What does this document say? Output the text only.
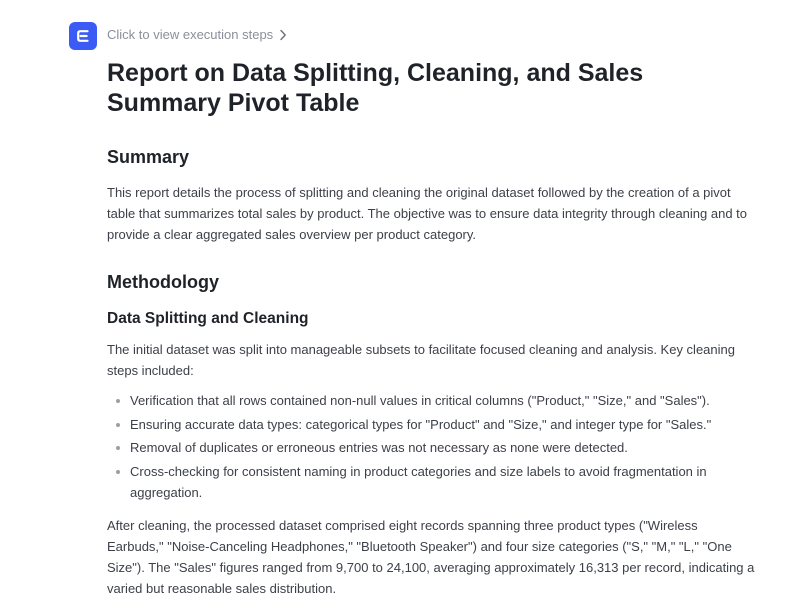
Click to view execution steps
Report on Data Splitting, Cleaning, and Sales Summary Pivot Table
Summary

This report details the process of splitting and cleaning the original dataset followed by the creation of a pivot table that summarizes total sales by product. The objective was to ensure data integrity through cleaning and to provide a clear aggregated sales overview per product category.

Methodology
Data Splitting and Cleaning

The initial dataset was split into manageable subsets to facilitate focused cleaning and analysis. Key cleaning steps included:

Verification that all rows contained non-null values in critical columns ("Product," "Size," and "Sales").
Ensuring accurate data types: categorical types for "Product" and "Size," and integer type for "Sales."
Removal of duplicates or erroneous entries was not necessary as none were detected.
Cross-checking for consistent naming in product categories and size labels to avoid fragmentation in aggregation.

After cleaning, the processed dataset comprised eight records spanning three product types ("Wireless Earbuds," "Noise-Canceling Headphones," "Bluetooth Speaker") and four size categories ("S," "M," "L," "One Size"). The "Sales" figures ranged from 9,700 to 24,100, averaging approximately 16,313 per record, indicating a varied but reasonable sales distribution.
